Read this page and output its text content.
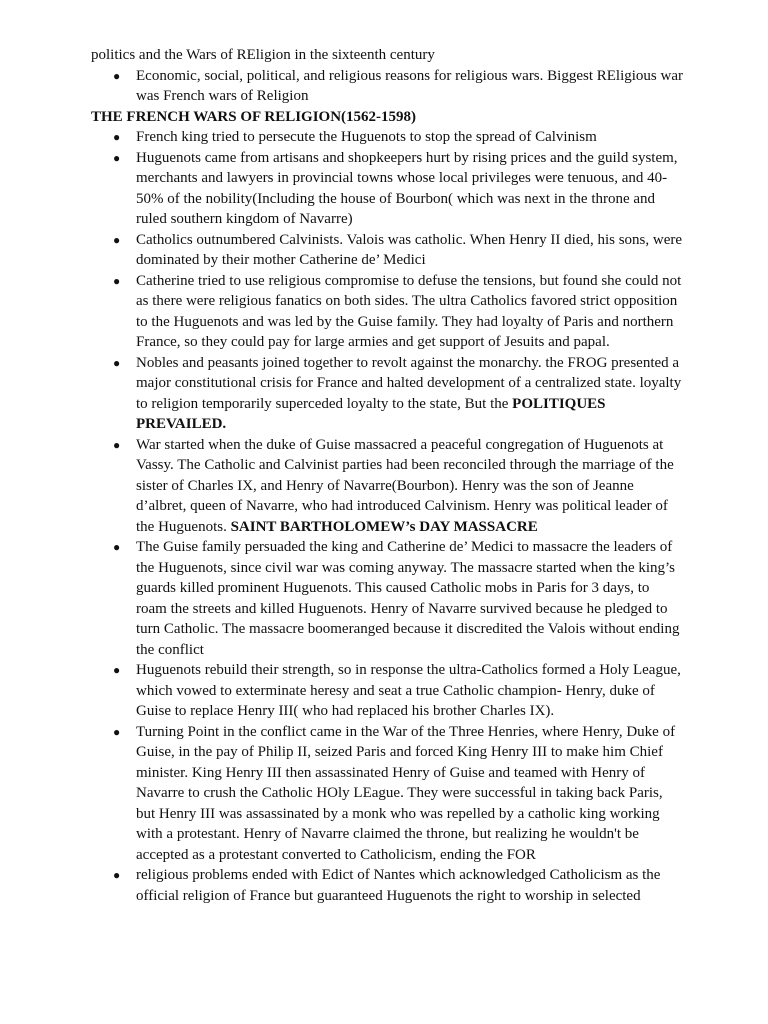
politics and the Wars of REligion in the sixteenth century

● Economic, social, political, and religious reasons for religious wars. Biggest REligious war was French wars of Religion

THE FRENCH WARS OF RELIGION(1562-1598)

● French king tried to persecute the Huguenots to stop the spread of Calvinism
● Huguenots came from artisans and shopkeepers hurt by rising prices and the guild system, merchants and lawyers in provincial towns whose local privileges were tenuous, and 40-50% of the nobility(Including the house of Bourbon( which was next in the throne and ruled southern kingdom of Navarre)
● Catholics outnumbered Calvinists. Valois was catholic. When Henry II died, his sons, were dominated by their mother Catherine de’ Medici
● Catherine tried to use religious compromise to defuse the tensions, but found she could not as there were religious fanatics on both sides. The ultra Catholics favored strict opposition to the Huguenots and was led by the Guise family. They had loyalty of Paris and northern France, so they could pay for large armies and get support of Jesuits and papal.
● Nobles and peasants joined together to revolt against the monarchy. the FROG presented a major constitutional crisis for France and halted development of a centralized state. loyalty to religion temporarily superceded loyalty to the state, But the POLITIQUES PREVAILED.
● War started when the duke of Guise massacred a peaceful congregation of Huguenots at Vassy. The Catholic and Calvinist parties had been reconciled through the marriage of the sister of Charles IX, and Henry of Navarre(Bourbon). Henry was the son of Jeanne d’albret, queen of Navarre, who had introduced Calvinism. Henry was political leader of the Huguenots. SAINT BARTHOLOMEW’s DAY MASSACRE
● The Guise family persuaded the king and Catherine de’ Medici to massacre the leaders of the Huguenots, since civil war was coming anyway. The massacre started when the king’s guards killed prominent Huguenots. This caused Catholic mobs in Paris for 3 days, to roam the streets and killed Huguenots. Henry of Navarre survived because he pledged to turn Catholic. The massacre boomeranged because it discredited the Valois without ending the conflict
● Huguenots rebuild their strength, so in response the ultra-Catholics formed a Holy League, which vowed to exterminate heresy and seat a true Catholic champion- Henry, duke of Guise to replace Henry III( who had replaced his brother Charles IX).
● Turning Point in the conflict came in the War of the Three Henries, where Henry, Duke of Guise, in the pay of Philip II, seized Paris and forced King Henry III to make him Chief minister. King Henry III then assassinated Henry of Guise and teamed with Henry of Navarre to crush the Catholic HOly LEague. They were successful in taking back Paris, but Henry III was assassinated by a monk who was repelled by a catholic king working with a protestant. Henry of Navarre claimed the throne, but realizing he wouldn't be accepted as a protestant converted to Catholicism, ending the FOR
● religious problems ended with Edict of Nantes which acknowledged Catholicism as the official religion of France but guaranteed Huguenots the right to worship in selected
